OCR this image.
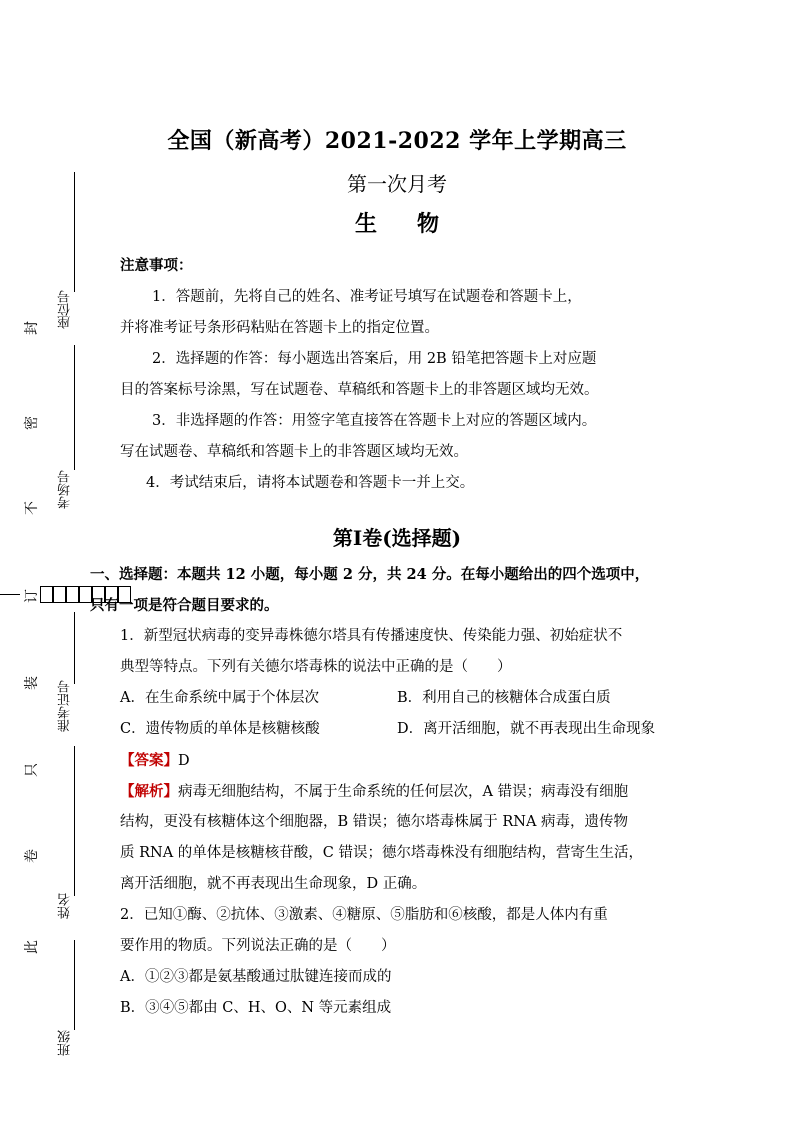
座位号
考场号
准考证号
姓名
班级
封
密
不
订
装
只
卷
此
全国（新高考）2021-2022 学年上学期高三
第一次月考
生物
注意事项：
1．答题前，先将自己的姓名、准考证号填写在试题卷和答题卡上，
并将准考证号条形码粘贴在答题卡上的指定位置。
2．选择题的作答：每小题选出答案后，用 2B 铅笔把答题卡上对应题
目的答案标号涂黑，写在试题卷、草稿纸和答题卡上的非答题区域均无效。
3．非选择题的作答：用签字笔直接答在答题卡上对应的答题区域内。
写在试题卷、草稿纸和答题卡上的非答题区域均无效。
4．考试结束后，请将本试题卷和答题卡一并上交。
第Ⅰ卷(选择题)
一、选择题：本题共 12 小题，每小题 2 分，共 24 分。在每小题给出的四个选项中，
只有一项是符合题目要求的。
1．新型冠状病毒的变异毒株德尔塔具有传播速度快、传染能力强、初始症状不
典型等特点。下列有关德尔塔毒株的说法中正确的是（　　）
A．在生命系统中属于个体层次	B．利用自己的核糖体合成蛋白质
C．遗传物质的单体是核糖核酸	D．离开活细胞，就不再表现出生命现象
【答案】D
【解析】病毒无细胞结构，不属于生命系统的任何层次，A 错误；病毒没有细胞
结构，更没有核糖体这个细胞器，B 错误；德尔塔毒株属于 RNA 病毒，遗传物
质 RNA 的单体是核糖核苷酸，C 错误；德尔塔毒株没有细胞结构，营寄生生活，
离开活细胞，就不再表现出生命现象，D 正确。
2．已知①酶、②抗体、③激素、④糖原、⑤脂肪和⑥核酸，都是人体内有重
要作用的物质。下列说法正确的是（　　）
A．①②③都是氨基酸通过肽键连接而成的
B．③④⑤都由 C、H、O、N 等元素组成
